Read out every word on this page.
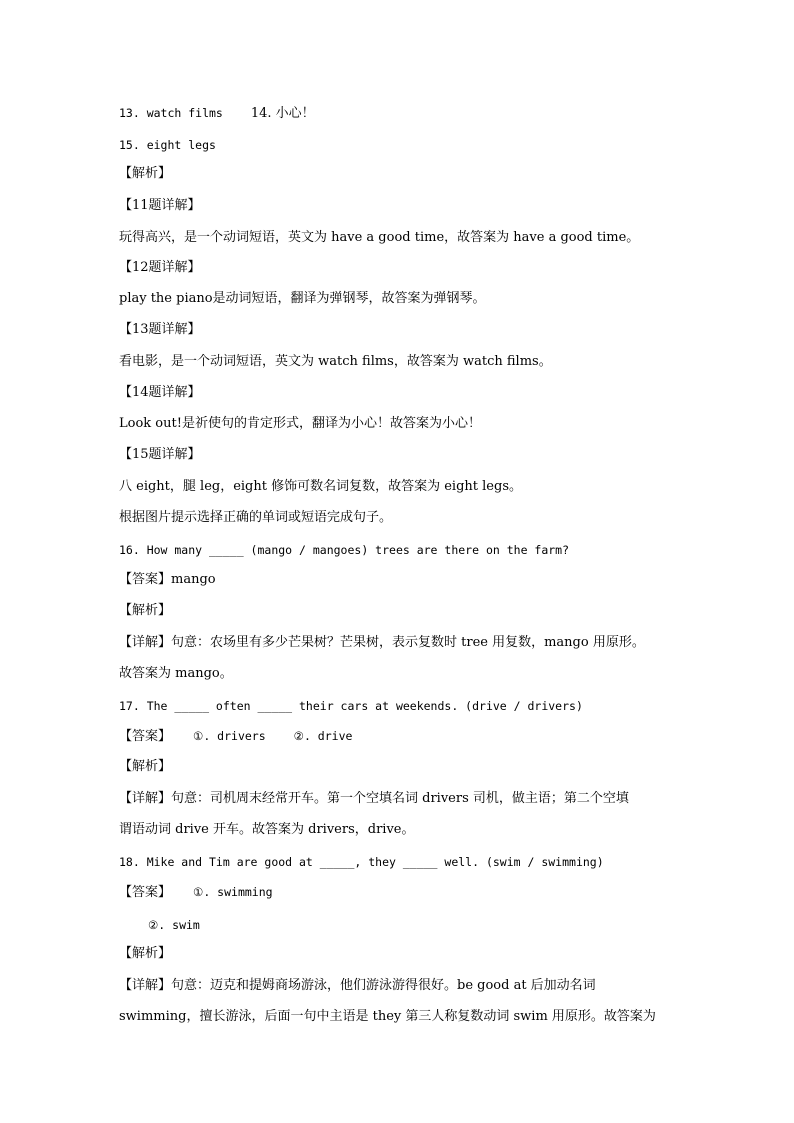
13. watch films 14. 小心！
15. eight legs
【解析】
【11题详解】
玩得高兴，是一个动词短语，英文为 have a good time，故答案为 have a good time。
【12题详解】
play the piano是动词短语，翻译为弹钢琴，故答案为弹钢琴。
【13题详解】
看电影，是一个动词短语，英文为 watch films，故答案为 watch films。
【14题详解】
Look out!是祈使句的肯定形式，翻译为小心！故答案为小心！
【15题详解】
八 eight，腿 leg，eight 修饰可数名词复数，故答案为 eight legs。
根据图片提示选择正确的单词或短语完成句子。
16. How many _____ (mango / mangoes) trees are there on the farm?
【答案】mango
【解析】
【详解】句意：农场里有多少芒果树？芒果树，表示复数时 tree 用复数，mango 用原形。
故答案为 mango。
17. The _____ often _____ their cars at weekends. (drive / drivers)
【答案】 ①. drivers ②. drive
【解析】
【详解】句意：司机周末经常开车。第一个空填名词 drivers 司机，做主语；第二个空填
谓语动词 drive 开车。故答案为 drivers，drive。
18. Mike and Tim are good at _____, they _____ well. (swim / swimming)
【答案】 ①. swimming
②. swim
【解析】
【详解】句意：迈克和提姆商场游泳，他们游泳游得很好。be good at 后加动名词
swimming，擅长游泳，后面一句中主语是 they 第三人称复数动词 swim 用原形。故答案为
